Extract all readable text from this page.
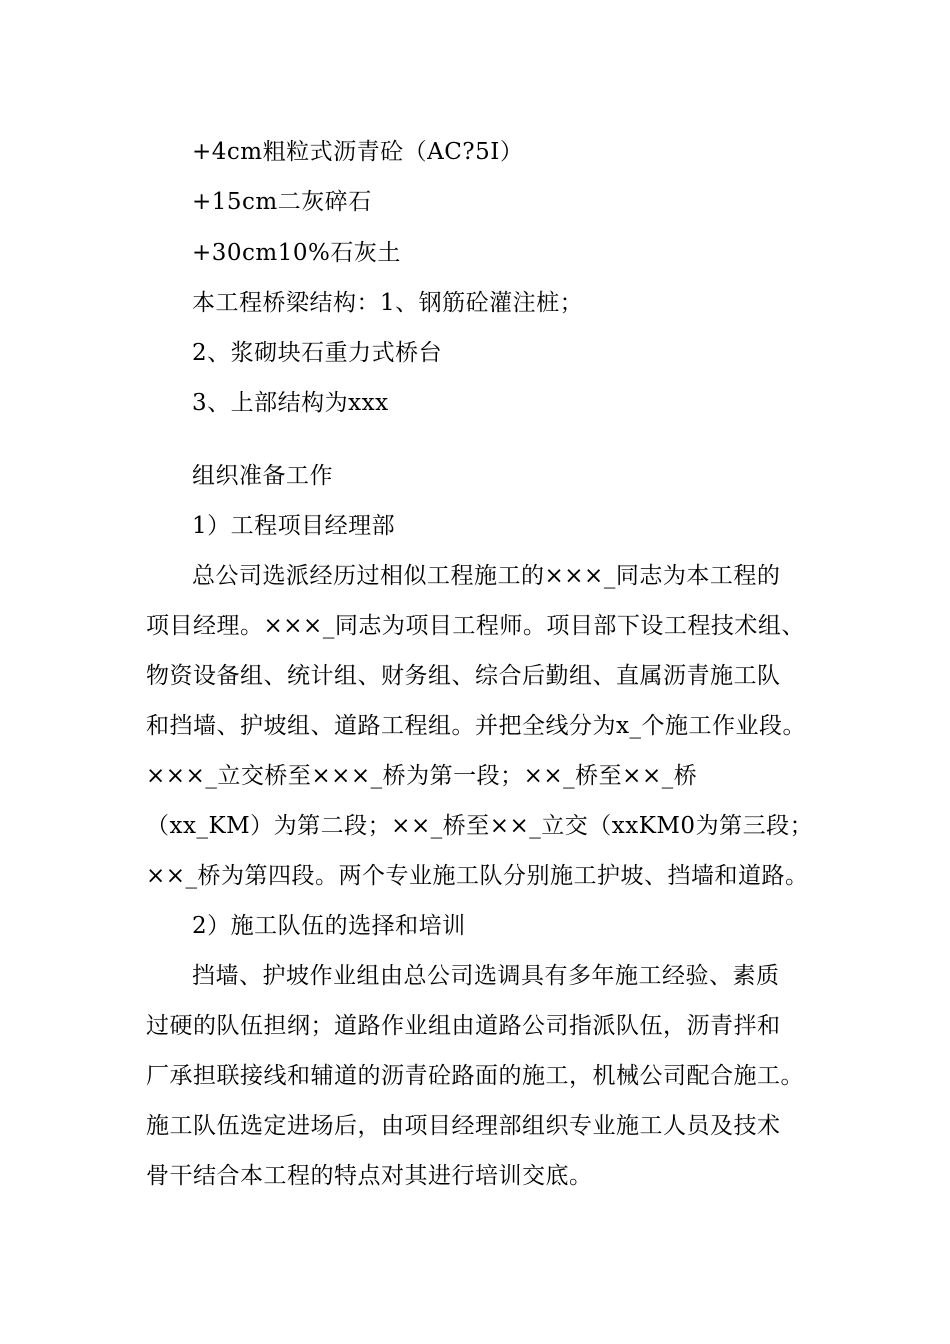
+4cm粗粒式沥青砼（AC?5I）
+15cm二灰碎石
+30cm10%石灰土
本工程桥梁结构：1、钢筋砼灌注桩；
2、浆砌块石重力式桥台
3、上部结构为xxx
组织准备工作
1）工程项目经理部
总公司选派经历过相似工程施工的×××_同志为本工程的
项目经理。×××_同志为项目工程师。项目部下设工程技术组、
物资设备组、统计组、财务组、综合后勤组、直属沥青施工队
和挡墙、护坡组、道路工程组。并把全线分为x_个施工作业段。
×××_立交桥至×××_桥为第一段；××_桥至××_桥
（xx_KM）为第二段；××_桥至××_立交（xxKM0为第三段；
××_桥为第四段。两个专业施工队分别施工护坡、挡墙和道路。
2）施工队伍的选择和培训
挡墙、护坡作业组由总公司选调具有多年施工经验、素质
过硬的队伍担纲；道路作业组由道路公司指派队伍，沥青拌和
厂承担联接线和辅道的沥青砼路面的施工，机械公司配合施工。
施工队伍选定进场后，由项目经理部组织专业施工人员及技术
骨干结合本工程的特点对其进行培训交底。
